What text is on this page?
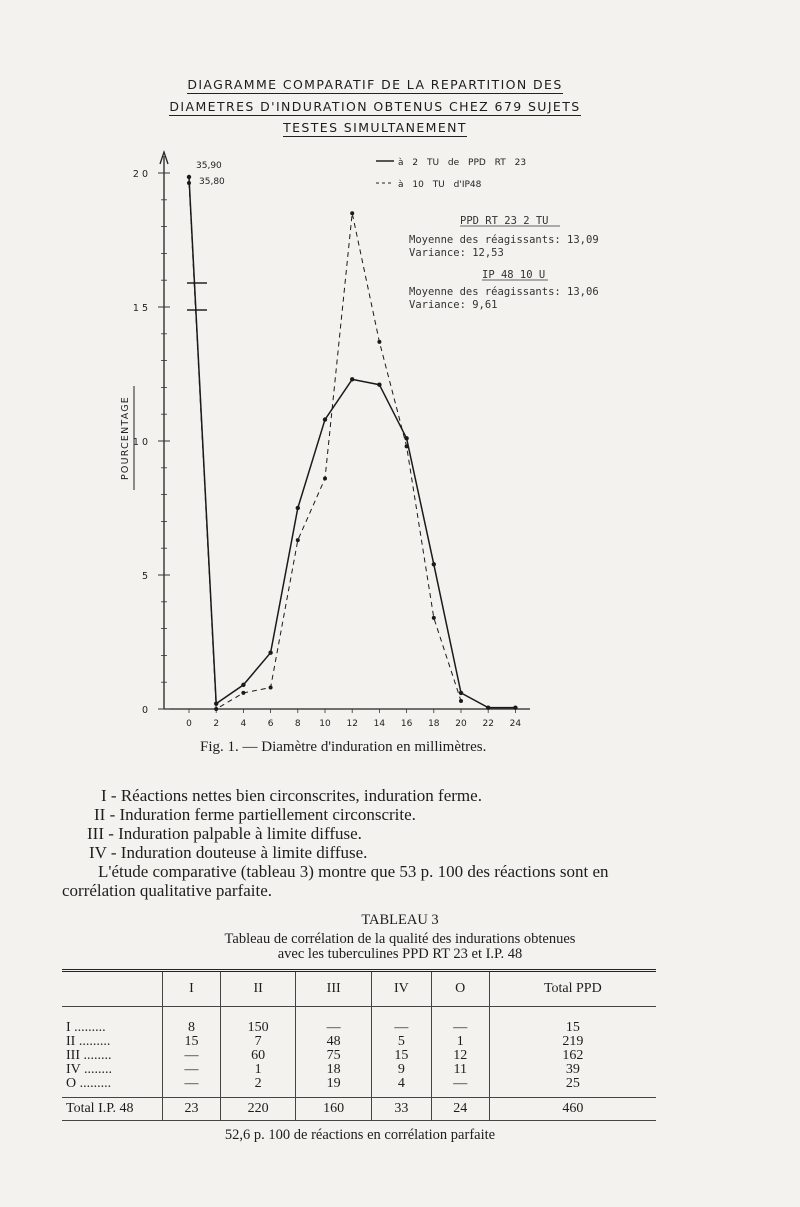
DIAGRAMME COMPARATIF DE LA REPARTITION DES
DIAMETRES D'INDURATION OBTENUS CHEZ 679 SUJETS
TESTES SIMULTANEMENT
POURCENTAGE
0
5
1 0
1 5
2 0
0 2 4 6 8 10 12 14 16 18 20 22 24
35,90
35,80
à 2 TU de PPD RT 23
à 10 TU d'IP48
PPD RT 23 2 TU
Moyenne des réagissants: 13,09
Variance: 12,53
IP 48 10 U
Moyenne des réagissants: 13,06
Variance: 9,61
Fig. 1. — Diamètre d'induration en millimètres.
I - Réactions nettes bien circonscrites, induration ferme.
II - Induration ferme partiellement circonscrite.
III - Induration palpable à limite diffuse.
IV - Induration douteuse à limite diffuse.
L'étude comparative (tableau 3) montre que 53 p. 100 des réactions sont en corrélation qualitative parfaite.
TABLEAU 3
Tableau de corrélation de la qualité des indurations obtenues
avec les tuberculines PPD RT 23 et I.P. 48
	I	II	III	IV	O	Total PPD
I .........	8	150	—	—	—	15
II .........	15	7	48	5	1	219
III ........	—	60	75	15	12	162
IV ........	—	1	18	9	11	39
O .........	—	2	19	4	—	25
Total I.P. 48	23	220	160	33	24	460
52,6 p. 100 de réactions en corrélation parfaite
